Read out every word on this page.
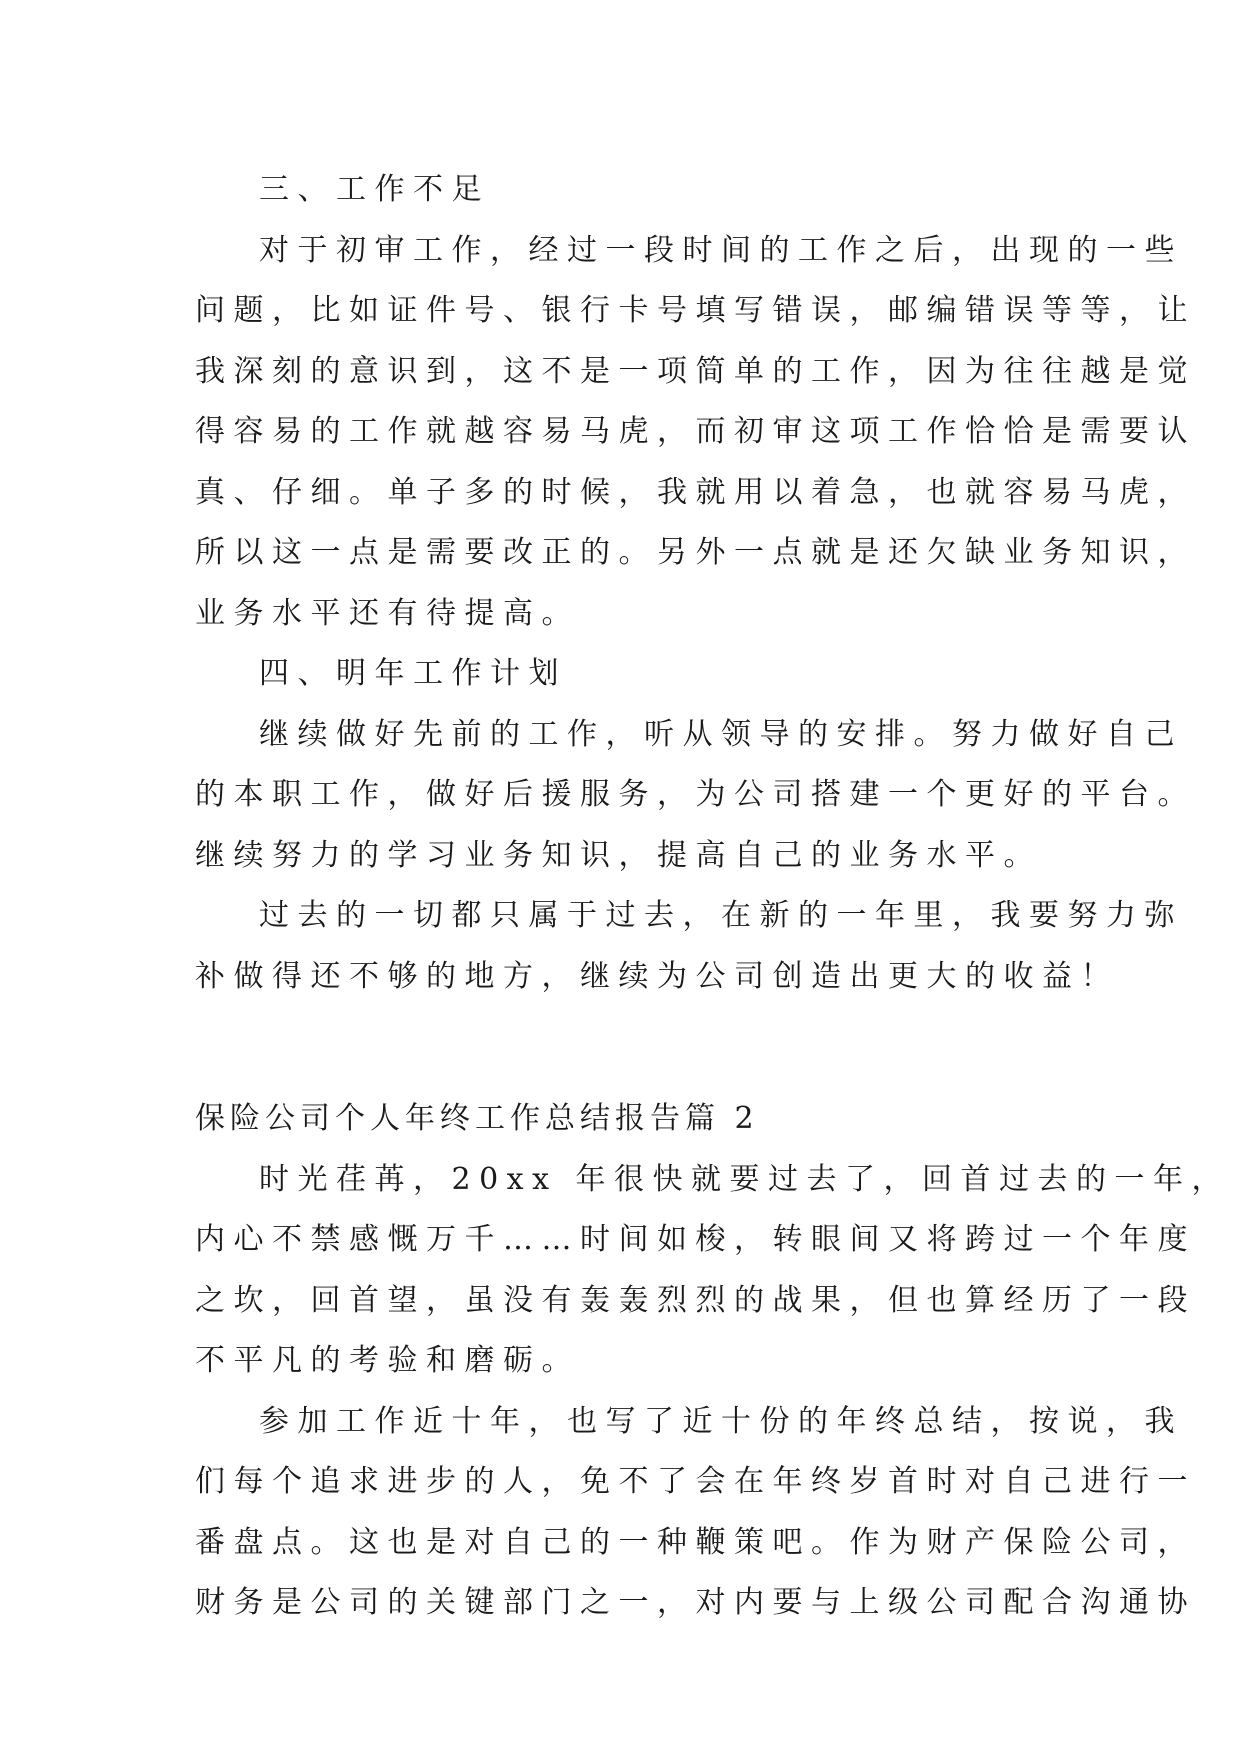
三、工作不足
对于初审工作，经过一段时间的工作之后，出现的一些
问题，比如证件号、银行卡号填写错误，邮编错误等等，让
我深刻的意识到，这不是一项简单的工作，因为往往越是觉
得容易的工作就越容易马虎，而初审这项工作恰恰是需要认
真、仔细。单子多的时候，我就用以着急，也就容易马虎，
所以这一点是需要改正的。另外一点就是还欠缺业务知识，
业务水平还有待提高。
四、明年工作计划
继续做好先前的工作，听从领导的安排。努力做好自己
的本职工作，做好后援服务，为公司搭建一个更好的平台。
继续努力的学习业务知识，提高自己的业务水平。
过去的一切都只属于过去，在新的一年里，我要努力弥
补做得还不够的地方，继续为公司创造出更大的收益！
保险公司个人年终工作总结报告篇 2
时光荏苒，20xx 年很快就要过去了，回首过去的一年，
内心不禁感慨万千……时间如梭，转眼间又将跨过一个年度
之坎，回首望，虽没有轰轰烈烈的战果，但也算经历了一段
不平凡的考验和磨砺。
参加工作近十年，也写了近十份的年终总结，按说，我
们每个追求进步的人，免不了会在年终岁首时对自己进行一
番盘点。这也是对自己的一种鞭策吧。作为财产保险公司，
财务是公司的关键部门之一，对内要与上级公司配合沟通协
